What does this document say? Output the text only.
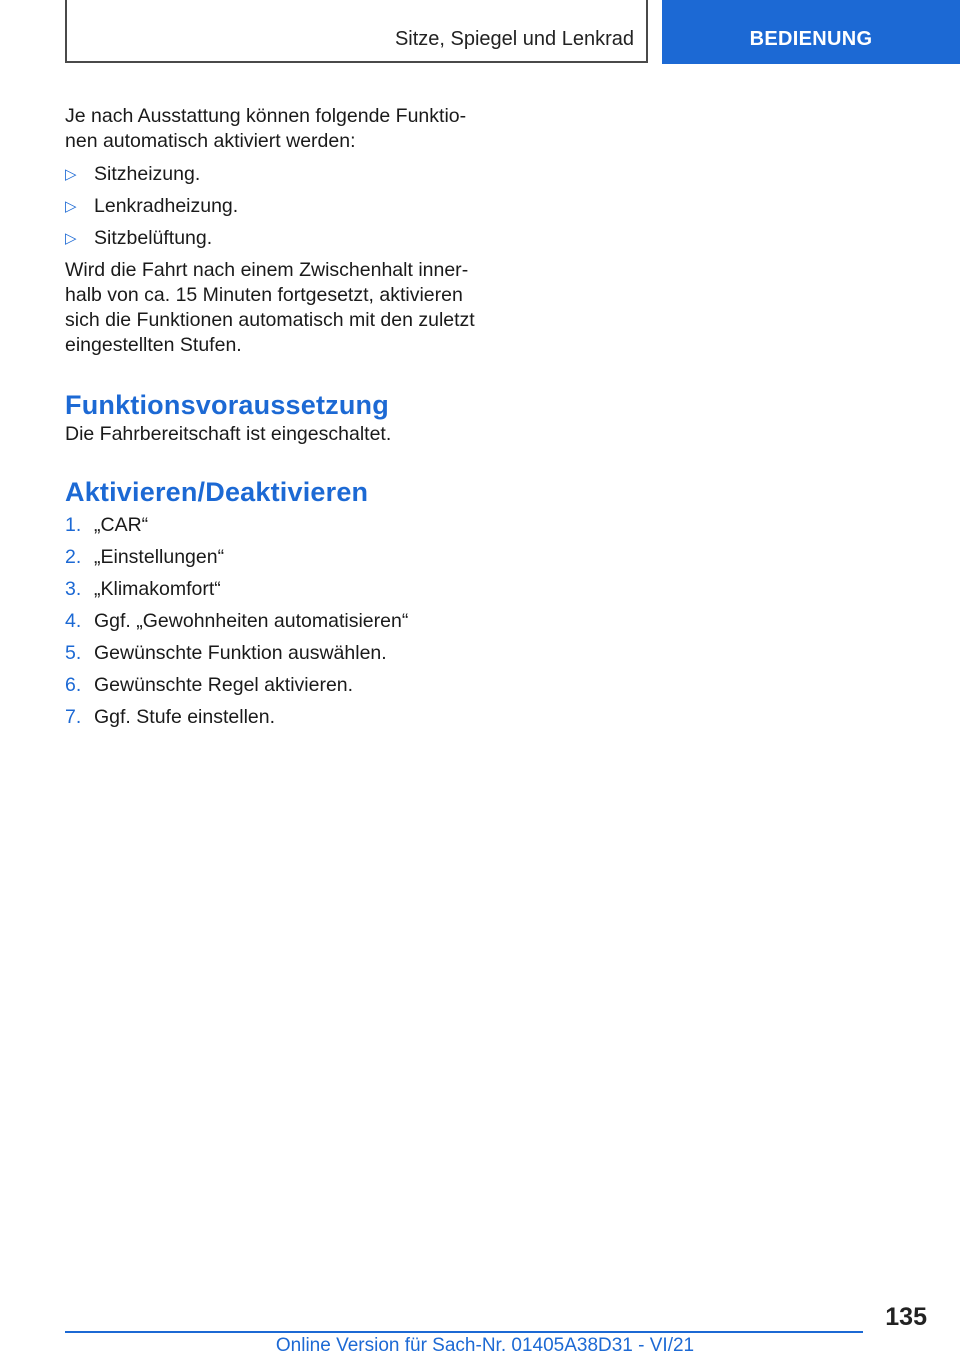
Sitze, Spiegel und Lenkrad	BEDIENUNG

Je nach Ausstattung können folgende Funktionen automatisch aktiviert werden:

▷ Sitzheizung.
▷ Lenkradheizung.
▷ Sitzbelüftung.

Wird die Fahrt nach einem Zwischenhalt innerhalb von ca. 15 Minuten fortgesetzt, aktivieren sich die Funktionen automatisch mit den zuletzt eingestellten Stufen.

Funktionsvoraussetzung

Die Fahrbereitschaft ist eingeschaltet.

Aktivieren/Deaktivieren
1. „CAR“
2. „Einstellungen“
3. „Klimakomfort“
4. Ggf. „Gewohnheiten automatisieren“
5. Gewünschte Funktion auswählen.
6. Gewünschte Regel aktivieren.
7. Ggf. Stufe einstellen.
135
Online Version für Sach-Nr. 01405A38D31 - VI/21
